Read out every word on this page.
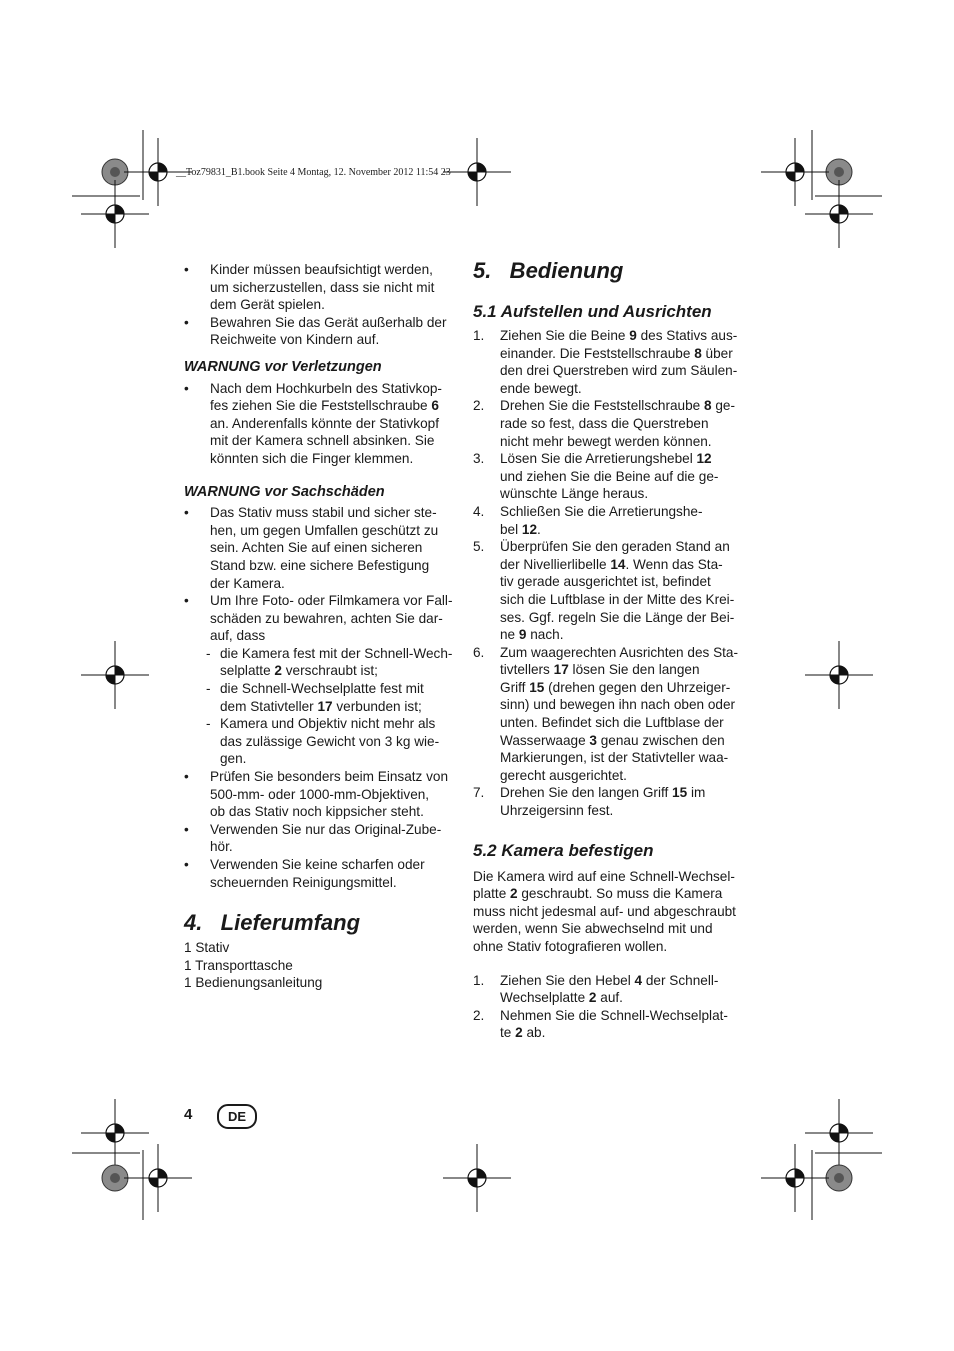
__Toz79831_B1.book Seite 4 Montag, 12. November 2012 11:54 23
• Kinder müssen beaufsichtigt werden,
um sicherzustellen, dass sie nicht mit
dem Gerät spielen.
• Bewahren Sie das Gerät außerhalb der
Reichweite von Kindern auf.
WARNUNG vor Verletzungen
• Nach dem Hochkurbeln des Stativkop-
fes ziehen Sie die Feststellschraube 6
an. Anderenfalls könnte der Stativkopf
mit der Kamera schnell absinken. Sie
könnten sich die Finger klemmen.
WARNUNG vor Sachschäden
• Das Stativ muss stabil und sicher ste-
hen, um gegen Umfallen geschützt zu
sein. Achten Sie auf einen sicheren
Stand bzw. eine sichere Befestigung
der Kamera.
• Um Ihre Foto- oder Filmkamera vor Fall-
schäden zu bewahren, achten Sie dar-
auf, dass
- die Kamera fest mit der Schnell-Wech-
selplatte 2 verschraubt ist;
- die Schnell-Wechselplatte fest mit
dem Stativteller 17 verbunden ist;
- Kamera und Objektiv nicht mehr als
das zulässige Gewicht von 3 kg wie-
gen.
• Prüfen Sie besonders beim Einsatz von
500-mm- oder 1000-mm-Objektiven,
ob das Stativ noch kippsicher steht.
• Verwenden Sie nur das Original-Zube-
hör.
• Verwenden Sie keine scharfen oder
scheuernden Reinigungsmittel.
4.   Lieferumfang
1 Stativ
1 Transporttasche
1 Bedienungsanleitung
5.   Bedienung
5.1 Aufstellen und Ausrichten
1. Ziehen Sie die Beine 9 des Stativs aus-
einander. Die Feststellschraube 8 über
den drei Querstreben wird zum Säulen-
ende bewegt.
2. Drehen Sie die Feststellschraube 8 ge-
rade so fest, dass die Querstreben
nicht mehr bewegt werden können.
3. Lösen Sie die Arretierungshebel 12
und ziehen Sie die Beine auf die ge-
wünschte Länge heraus.
4. Schließen Sie die Arretierungshe-
bel 12.
5. Überprüfen Sie den geraden Stand an
der Nivellierlibelle 14. Wenn das Sta-
tiv gerade ausgerichtet ist, befindet
sich die Luftblase in der Mitte des Krei-
ses. Ggf. regeln Sie die Länge der Bei-
ne 9 nach.
6. Zum waagerechten Ausrichten des Sta-
tivtellers 17 lösen Sie den langen
Griff 15 (drehen gegen den Uhrzeiger-
sinn) und bewegen ihn nach oben oder
unten. Befindet sich die Luftblase der
Wasserwaage 3 genau zwischen den
Markierungen, ist der Stativteller waa-
gerecht ausgerichtet.
7. Drehen Sie den langen Griff 15 im
Uhrzeigersinn fest.
5.2 Kamera befestigen
Die Kamera wird auf eine Schnell-Wechsel-
platte 2 geschraubt. So muss die Kamera
muss nicht jedesmal auf- und abgeschraubt
werden, wenn Sie abwechselnd mit und
ohne Stativ fotografieren wollen.
1. Ziehen Sie den Hebel 4 der Schnell-
Wechselplatte 2 auf.
2. Nehmen Sie die Schnell-Wechselplat-
te 2 ab.
4	DE
